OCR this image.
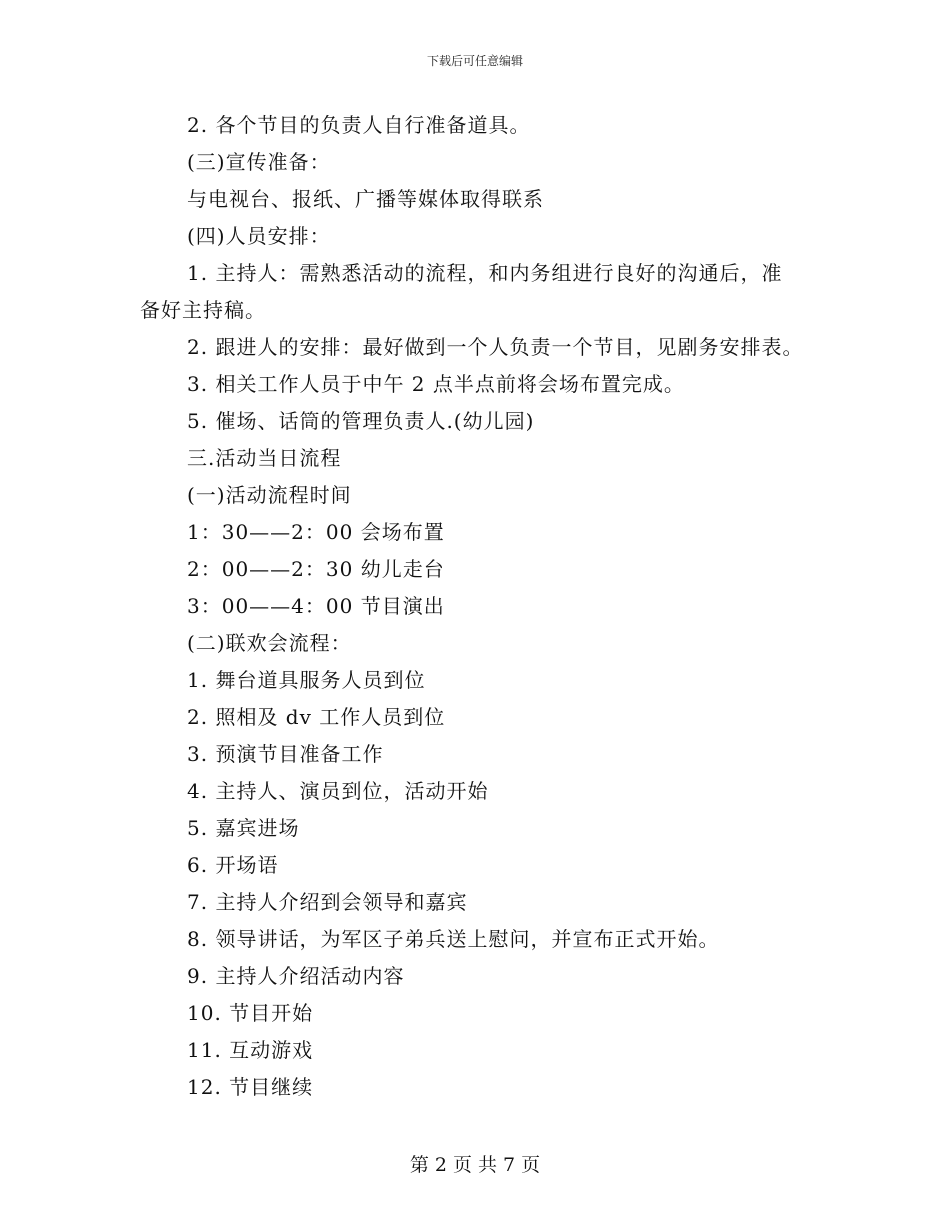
下载后可任意编辑
2. 各个节目的负责人自行准备道具。
(三)宣传准备：
与电视台、报纸、广播等媒体取得联系
(四)人员安排：
1. 主持人：需熟悉活动的流程，和内务组进行良好的沟通后，准
备好主持稿。
2. 跟进人的安排：最好做到一个人负责一个节目，见剧务安排表。
3. 相关工作人员于中午 2 点半点前将会场布置完成。
5. 催场、话筒的管理负责人.(幼儿园)
三.活动当日流程
(一)活动流程时间
1：30——2：00 会场布置
2：00——2：30 幼儿走台
3：00——4：00 节目演出
(二)联欢会流程：
1. 舞台道具服务人员到位
2. 照相及 dv 工作人员到位
3. 预演节目准备工作
4. 主持人、演员到位，活动开始
5. 嘉宾进场
6. 开场语
7. 主持人介绍到会领导和嘉宾
8. 领导讲话，为军区子弟兵送上慰问，并宣布正式开始。
9. 主持人介绍活动内容
10. 节目开始
11. 互动游戏
12. 节目继续
第 2 页 共 7 页
